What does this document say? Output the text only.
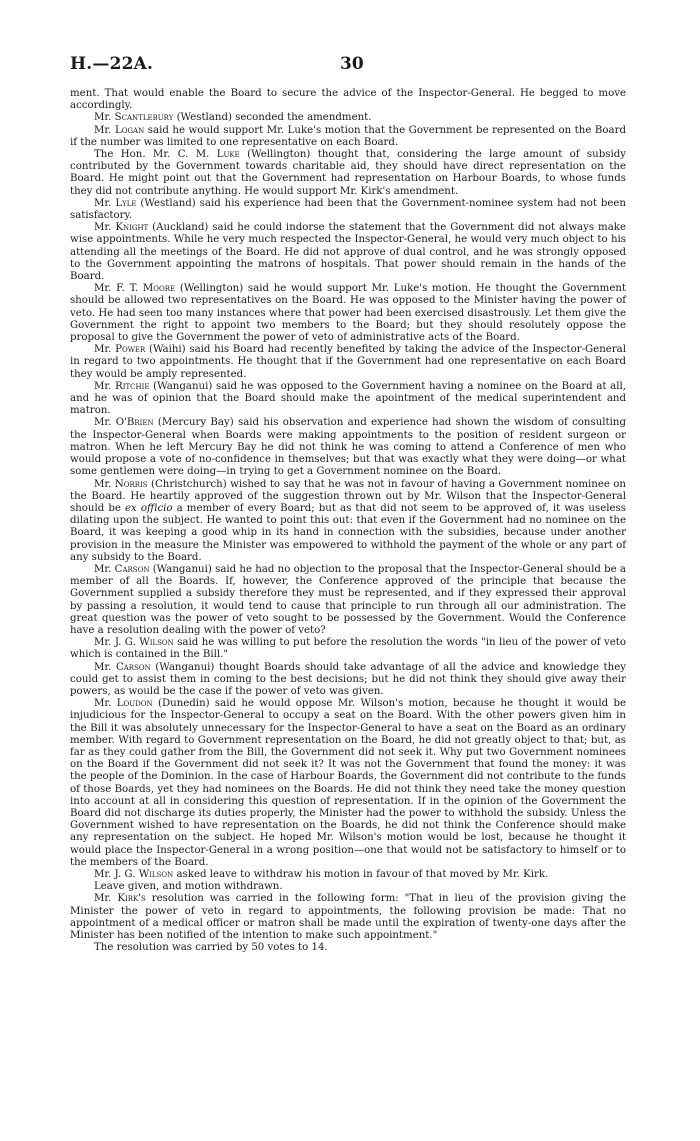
H.—22A.	30

ment. That would enable the Board to secure the advice of the Inspector-General. He begged to move accordingly.

Mr. Scantlebury (Westland) seconded the amendment.

Mr. Logan said he would support Mr. Luke's motion that the Government be represented on the Board if the number was limited to one representative on each Board.

The Hon. Mr. C. M. Luke (Wellington) thought that, considering the large amount of subsidy contributed by the Government towards charitable aid, they should have direct representation on the Board. He might point out that the Government had representation on Harbour Boards, to whose funds they did not contribute anything. He would support Mr. Kirk's amendment.

Mr. Lyle (Westland) said his experience had been that the Government-nominee system had not been satisfactory.

Mr. Knight (Auckland) said he could indorse the statement that the Government did not always make wise appointments. While he very much respected the Inspector-General, he would very much object to his attending all the meetings of the Board. He did not approve of dual control, and he was strongly opposed to the Government appointing the matrons of hospitals. That power should remain in the hands of the Board.

Mr. F. T. Moore (Wellington) said he would support Mr. Luke's motion. He thought the Government should be allowed two representatives on the Board. He was opposed to the Minister having the power of veto. He had seen too many instances where that power had been exercised disastrously. Let them give the Government the right to appoint two members to the Board; but they should resolutely oppose the proposal to give the Government the power of veto of administrative acts of the Board.

Mr. Power (Waihi) said his Board had recently benefited by taking the advice of the Inspector-General in regard to two appointments. He thought that if the Government had one representative on each Board they would be amply represented.

Mr. Ritchie (Wanganui) said he was opposed to the Government having a nominee on the Board at all, and he was of opinion that the Board should make the apointment of the medical superintendent and matron.

Mr. O'Brien (Mercury Bay) said his observation and experience had shown the wisdom of consulting the Inspector-General when Boards were making appointments to the position of resident surgeon or matron. When he left Mercury Bay he did not think he was coming to attend a Conference of men who would propose a vote of no-confidence in themselves; but that was exactly what they were doing—or what some gentlemen were doing—in trying to get a Government nominee on the Board.

Mr. Norris (Christchurch) wished to say that he was not in favour of having a Government nominee on the Board. He heartily approved of the suggestion thrown out by Mr. Wilson that the Inspector-General should be ex officio a member of every Board; but as that did not seem to be approved of, it was useless dilating upon the subject. He wanted to point this out: that even if the Government had no nominee on the Board, it was keeping a good whip in its hand in connection with the subsidies, because under another provision in the measure the Minister was empowered to withhold the payment of the whole or any part of any subsidy to the Board.

Mr. Carson (Wanganui) said he had no objection to the proposal that the Inspector-General should be a member of all the Boards. If, however, the Conference approved of the principle that because the Government supplied a subsidy therefore they must be represented, and if they expressed their approval by passing a resolution, it would tend to cause that principle to run through all our administration. The great question was the power of veto sought to be possessed by the Government. Would the Conference have a resolution dealing with the power of veto?

Mr. J. G. Wilson said he was willing to put before the resolution the words "in lieu of the power of veto which is contained in the Bill."

Mr. Carson (Wanganui) thought Boards should take advantage of all the advice and knowledge they could get to assist them in coming to the best decisions; but he did not think they should give away their powers, as would be the case if the power of veto was given.

Mr. Loudon (Dunedin) said he would oppose Mr. Wilson's motion, because he thought it would be injudicious for the Inspector-General to occupy a seat on the Board. With the other powers given him in the Bill it was absolutely unnecessary for the Inspector-General to have a seat on the Board as an ordinary member. With regard to Government representation on the Board, he did not greatly object to that; but, as far as they could gather from the Bill, the Government did not seek it. Why put two Government nominees on the Board if the Government did not seek it? It was not the Government that found the money: it was the people of the Dominion. In the case of Harbour Boards, the Government did not contribute to the funds of those Boards, yet they had nominees on the Boards. He did not think they need take the money question into account at all in considering this question of representation. If in the opinion of the Government the Board did not discharge its duties properly, the Minister had the power to withhold the subsidy. Unless the Government wished to have representation on the Boards, he did not think the Conference should make any representation on the subject. He hoped Mr. Wilson's motion would be lost, because he thought it would place the Inspector-General in a wrong position—one that would not be satisfactory to himself or to the members of the Board.

Mr. J. G. Wilson asked leave to withdraw his motion in favour of that moved by Mr. Kirk.

Leave given, and motion withdrawn.

Mr. Kirk's resolution was carried in the following form: "That in lieu of the provision giving the Minister the power of veto in regard to appointments, the following provision be made: That no appointment of a medical officer or matron shall be made until the expiration of twenty-one days after the Minister has been notified of the intention to make such appointment."

The resolution was carried by 50 votes to 14.
